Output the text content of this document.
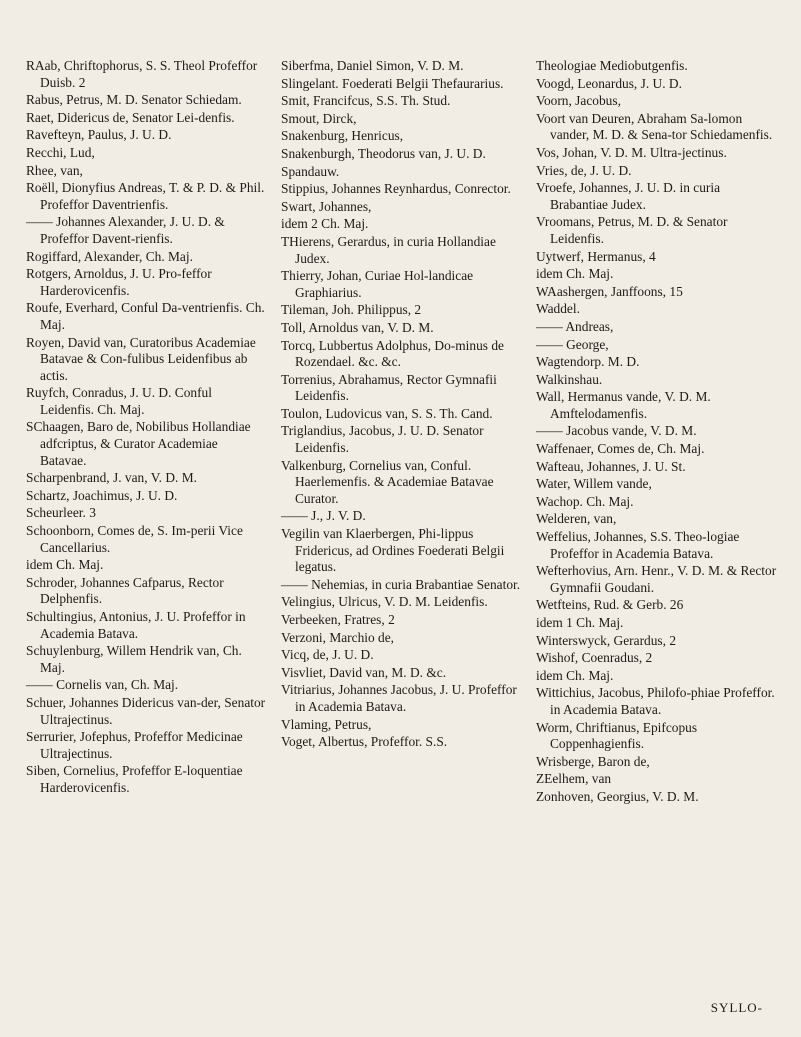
RAab, Chriftophorus, S. S. Theol Profeffor Duisb. 2
Rabus, Petrus, M. D. Senator Schiedam.
Raet, Didericus de, Senator Lei-denfis.
Ravefteyn, Paulus, J. U. D.
Recchi, Lud,
Rhee, van,
Roëll, Dionyfius Andreas, T. & P. D. & Phil. Profeffor Daventrienfis.
—— Johannes Alexander, J. U. D. & Profeffor Davent-rienfis.
Rogiffard, Alexander, Ch. Maj.
Rotgers, Arnoldus, J. U. Pro-feffor Harderovicenfis.
Roufe, Everhard, Conful Da-ventrienfis. Ch. Maj.
Royen, David van, Curatoribus Academiae Batavae & Con-fulibus Leidenfibus ab actis.
Ruyfch, Conradus, J. U. D. Conful Leidenfis. Ch. Maj.
SChaagen, Baro de, Nobilibus Hollandiae adfcriptus, & Curator Academiae Batavae.
Scharpenbrand, J. van, V. D. M.
Schartz, Joachimus, J. U. D.
Scheurleer. 3
Schoonborn, Comes de, S. Im-perii Vice Cancellarius.
idem Ch. Maj.
Schroder, Johannes Cafparus, Rector Delphenfis.
Schultingius, Antonius, J. U. Profeffor in Academia Batava.
Schuylenburg, Willem Hendrik van, Ch. Maj.
—— Cornelis van, Ch. Maj.
Schuer, Johannes Didericus van-der, Senator Ultrajectinus.
Serrurier, Jofephus, Profeffor Medicinae Ultrajectinus.
Siben, Cornelius, Profeffor E-loquentiae Harderovicenfis.
Siberfma, Daniel Simon, V. D. M.
Slingelant. Foederati Belgii Thefaurarius.
Smit, Francifcus, S.S. Th. Stud.
Smout, Dirck,
Snakenburg, Henricus,
Snakenburgh, Theodorus van, J. U. D.
Spandauw.
Stippius, Johannes Reynhardus, Conrector.
Swart, Johannes,
idem 2 Ch. Maj.
THierens, Gerardus, in curia Hollandiae Judex.
Thierry, Johan, Curiae Hol-landicae Graphiarius.
Tileman, Joh. Philippus, 2
Toll, Arnoldus van, V. D. M.
Torcq, Lubbertus Adolphus, Do-minus de Rozendael. &c. &c.
Torrenius, Abrahamus, Rector Gymnafii Leidenfis.
Toulon, Ludovicus van, S. S. Th. Cand.
Triglandius, Jacobus, J. U. D. Senator Leidenfis.
Valkenburg, Cornelius van, Conful. Haerlemenfis. & Academiae Batavae Curator.
—— J., J. V. D.
Vegilin van Klaerbergen, Phi-lippus Fridericus, ad Ordines Foederati Belgii legatus.
—— Nehemias, in curia Brabantiae Senator.
Velingius, Ulricus, V. D. M. Leidenfis.
Verbeeken, Fratres, 2
Verzoni, Marchio de,
Vicq, de, J. U. D.
Visvliet, David van, M. D. &c.
Vitriarius, Johannes Jacobus, J. U. Profeffor in Academia Batava.
Vlaming, Petrus,
Voget, Albertus, Profeffor. S.S.
Theologiae Mediobutgenfis.
Voogd, Leonardus, J. U. D.
Voorn, Jacobus,
Voort van Deuren, Abraham Sa-lomon vander, M. D. & Sena-tor Schiedamenfis.
Vos, Johan, V. D. M. Ultra-jectinus.
Vries, de, J. U. D.
Vroefe, Johannes, J. U. D. in curia Brabantiae Judex.
Vroomans, Petrus, M. D. & Senator Leidenfis.
Uytwerf, Hermanus, 4
idem Ch. Maj.
WAashergen, Janffoons, 15
Waddel.
—— Andreas,
—— George,
Wagtendorp. M. D.
Walkinshau.
Wall, Hermanus vande, V. D. M. Amftelodamenfis.
—— Jacobus vande, V. D. M.
Waffenaer, Comes de, Ch. Maj.
Wafteau, Johannes, J. U. St.
Water, Willem vande,
Wachop. Ch. Maj.
Welderen, van,
Weffelius, Johannes, S.S. Theo-logiae Profeffor in Academia Batava.
Wefterhovius, Arn. Henr., V. D. M. & Rector Gymnafii Goudani.
Wetfteins, Rud. & Gerb. 26
idem 1 Ch. Maj.
Winterswyck, Gerardus, 2
Wishof, Coenradus, 2
idem Ch. Maj.
Wittichius, Jacobus, Philofo-phiae Profeffor. in Academia Batava.
Worm, Chriftianus, Epifcopus Coppenhagienfis.
Wrisberge, Baron de,
ZEelhem, van
Zonhoven, Georgius, V. D. M.
SYLLO-
